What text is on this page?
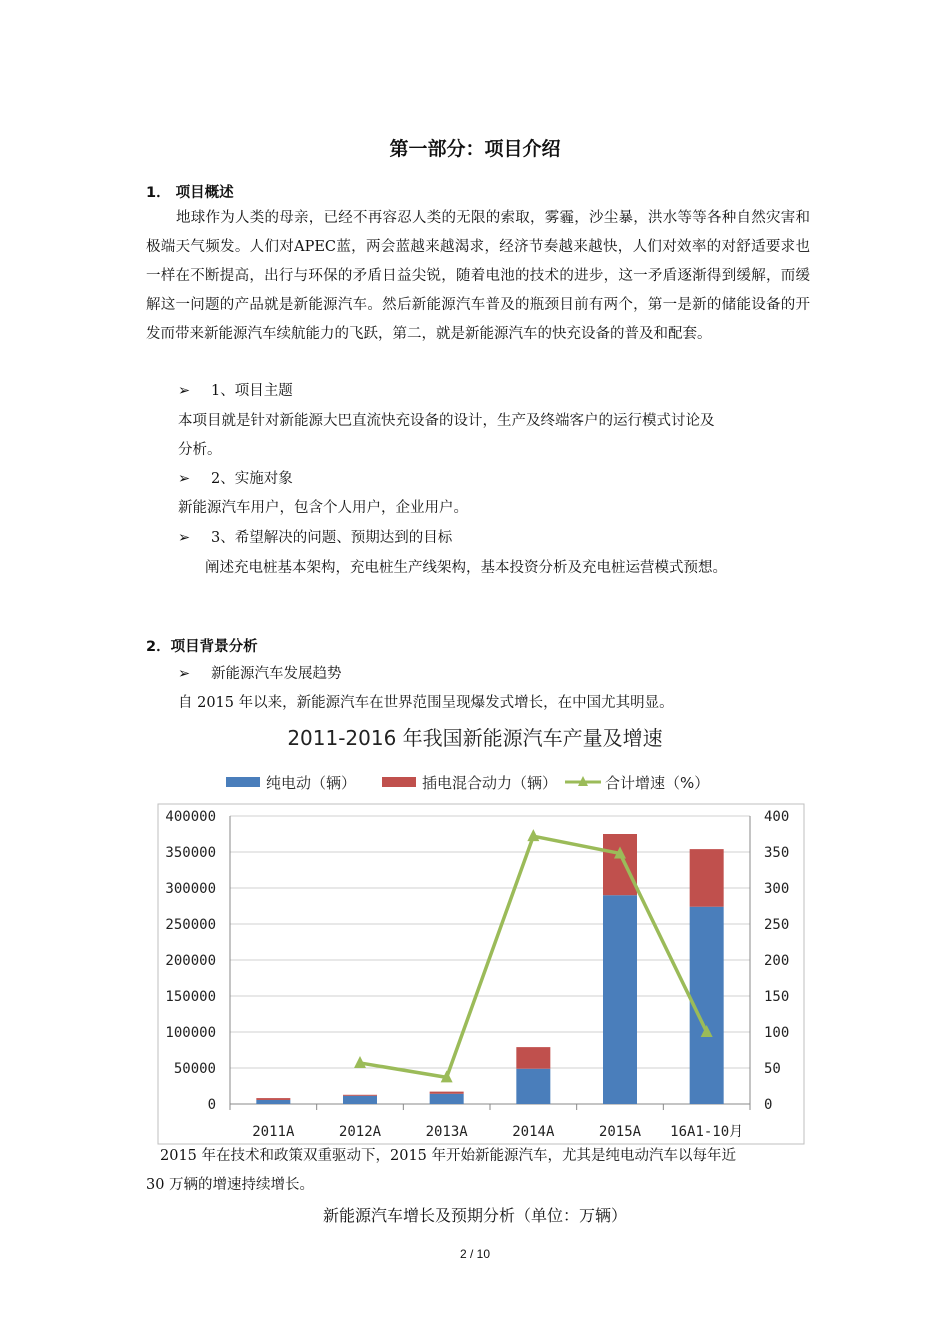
第一部分：项目介绍
1． 项目概述
地球作为人类的母亲，已经不再容忍人类的无限的索取，雾霾，沙尘暴，洪水等等各种自然灾害和极端天气频发。人们对APEC蓝，两会蓝越来越渴求，经济节奏越来越快，人们对效率的对舒适要求也一样在不断提高，出行与环保的矛盾日益尖锐，随着电池的技术的进步，这一矛盾逐渐得到缓解，而缓解这一问题的产品就是新能源汽车。然后新能源汽车普及的瓶颈目前有两个，第一是新的储能设备的开发而带来新能源汽车续航能力的飞跃，第二，就是新能源汽车的快充设备的普及和配套。
➢ 1、项目主题
本项目就是针对新能源大巴直流快充设备的设计，生产及终端客户的运行模式讨论及
分析。
➢ 2、实施对象
新能源汽车用户，包含个人用户，企业用户。
➢ 3、希望解决的问题、预期达到的目标
阐述充电桩基本架构，充电桩生产线架构，基本投资分析及充电桩运营模式预想。
2．项目背景分析
➢ 新能源汽车发展趋势
自 2015 年以来，新能源汽车在世界范围呈现爆发式增长，在中国尤其明显。
2011-2016 年我国新能源汽车产量及增速
0
50000
100000
150000
200000
250000
300000
350000
400000
0
50
100
150
200
250
300
350
400
2011A	2012A	2013A	2014A	2015A 16A1-10月
纯电动（辆）	插电混合动力（辆）	合计增速（%）
2015 年在技术和政策双重驱动下，2015 年开始新能源汽车，尤其是纯电动汽车以每年近
30 万辆的增速持续增长。
新能源汽车增长及预期分析（单位：万辆）
2 / 10
